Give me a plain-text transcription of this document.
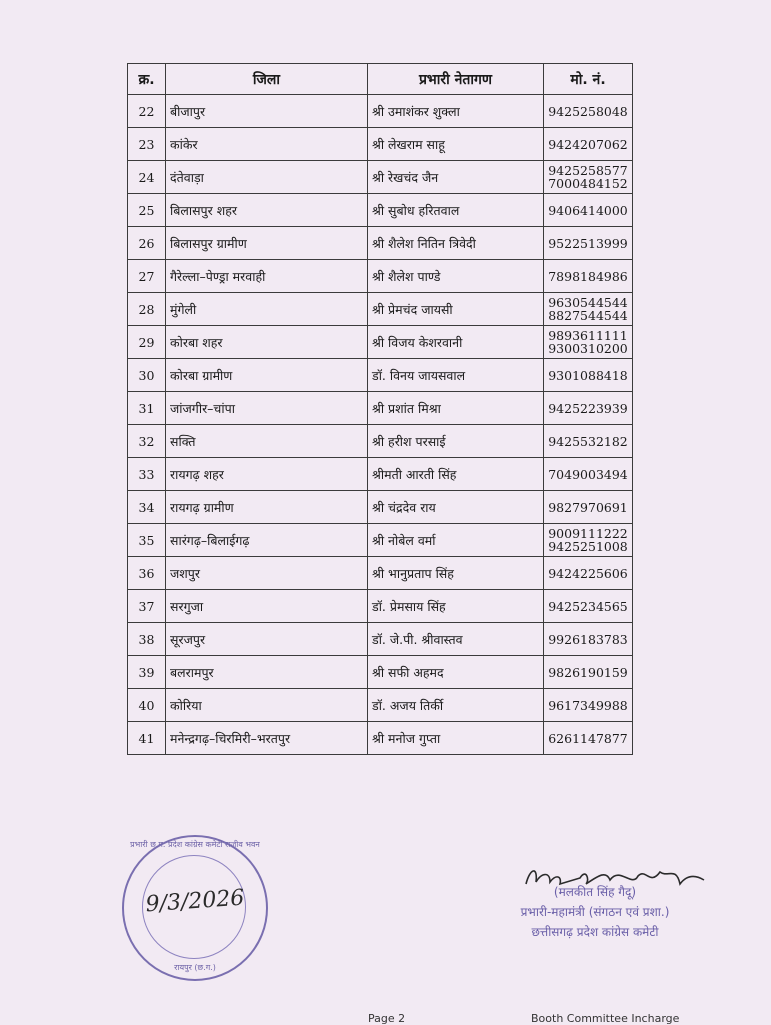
क्र.	जिला	प्रभारी नेतागण	मो. नं.
22	बीजापुर	श्री उमाशंकर शुक्ला	9425258048

23	कांकेर	श्री लेखराम साहू	9424207062

24	दंतेवाड़ा	श्री रेखचंद जैन	9425258577
7000484152

25	बिलासपुर शहर	श्री सुबोध हरितवाल	9406414000

26	बिलासपुर ग्रामीण	श्री शैलेश नितिन त्रिवेदी	9522513999

27	गैरेल्ला–पेण्ड्रा मरवाही	श्री शैलेश पाण्डे	7898184986

28	मुंगेली	श्री प्रेमचंद जायसी	9630544544
8827544544

29	कोरबा शहर	श्री विजय केशरवानी	9893611111
9300310200

30	कोरबा ग्रामीण	डॉ. विनय जायसवाल	9301088418

31	जांजगीर–चांपा	श्री प्रशांत मिश्रा	9425223939

32	सक्ति	श्री हरीश परसाई	9425532182

33	रायगढ़ शहर	श्रीमती आरती सिंह	7049003494

34	रायगढ़ ग्रामीण	श्री चंद्रदेव राय	9827970691

35	सारंगढ़–बिलाईगढ़	श्री नोबेल वर्मा	9009111222
9425251008

36	जशपुर	श्री भानुप्रताप सिंह	9424225606

37	सरगुजा	डॉ. प्रेमसाय सिंह	9425234565

38	सूरजपुर	डॉ. जे.पी. श्रीवास्तव	9926183783

39	बलरामपुर	श्री सफी अहमद	9826190159

40	कोरिया	डॉ. अजय तिर्की	9617349988

41	मनेन्द्रगढ़–चिरमिरी–भरतपुर	श्री मनोज गुप्ता	6261147877
प्रभारी छ.ग. प्रदेश कांग्रेस कमेटी राजीव भवन
9/3/2026
रायपुर (छ.ग.)
(मलकीत सिंह गैदू)
प्रभारी-महामंत्री (संगठन एवं प्रशा.)
छत्तीसगढ़ प्रदेश कांग्रेस कमेटी
Page 2	Booth Committee Incharge
